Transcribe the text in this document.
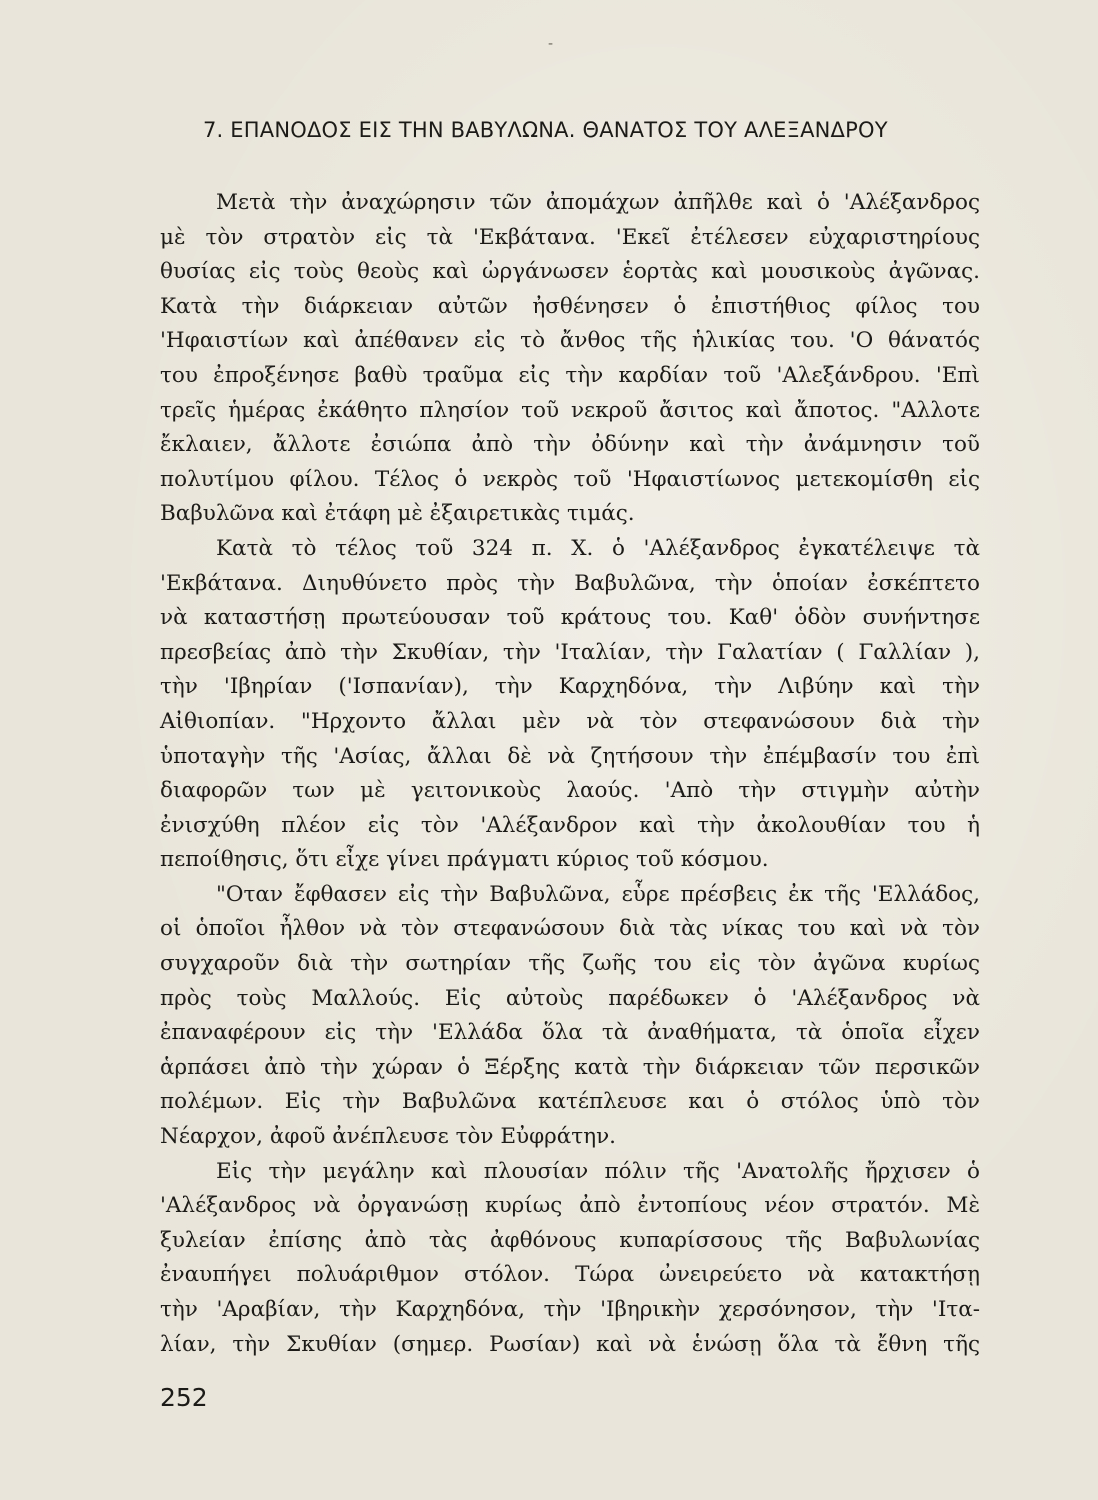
-
7. ΕΠΑΝΟΔΟΣ ΕΙΣ ΤΗΝ ΒΑΒΥΛΩΝΑ. ΘΑΝΑΤΟΣ ΤΟΥ ΑΛΕΞΑΝΔΡΟΥ
Μετὰ τὴν ἀναχώρησιν τῶν ἀπομάχων ἀπῆλθε καὶ ὁ 'Αλέξανδρος
μὲ τὸν στρατὸν εἰς τὰ 'Εκβάτανα. 'Εκεῖ ἐτέλεσεν εὐχαριστηρίους
θυσίας εἰς τοὺς θεοὺς καὶ ὠργάνωσεν ἑορτὰς καὶ μουσικοὺς ἀγῶνας.
Κατὰ τὴν διάρκειαν αὐτῶν ἠσθένησεν ὁ ἐπιστήθιος φίλος του
'Ηφαιστίων καὶ ἀπέθανεν εἰς τὸ ἄνθος τῆς ἡλικίας του. 'Ο θάνατός
του ἐπροξένησε βαθὺ τραῦμα εἰς τὴν καρδίαν τοῦ 'Αλεξάνδρου. 'Επὶ
τρεῖς ἡμέρας ἐκάθητο πλησίον τοῦ νεκροῦ ἄσιτος καὶ ἄποτος. "Αλλοτε
ἔκλαιεν, ἄλλοτε ἐσιώπα ἀπὸ τὴν ὀδύνην καὶ τὴν ἀνάμνησιν τοῦ
πολυτίμου φίλου. Τέλος ὁ νεκρὸς τοῦ 'Ηφαιστίωνος μετεκομίσθη εἰς
Βαβυλῶνα καὶ ἐτάφη μὲ ἐξαιρετικὰς τιμάς.
Κατὰ τὸ τέλος τοῦ 324 π. Χ. ὁ 'Αλέξανδρος ἐγκατέλειψε τὰ
'Εκβάτανα. Διηυθύνετο πρὸς τὴν Βαβυλῶνα, τὴν ὁποίαν ἐσκέπτετο
νὰ καταστήσῃ πρωτεύουσαν τοῦ κράτους του. Καθ' ὁδὸν συνήντησε
πρεσβείας ἀπὸ τὴν Σκυθίαν, τὴν 'Ιταλίαν, τὴν Γαλατίαν ( Γαλλίαν ),
τὴν 'Ιβηρίαν ('Ισπανίαν), τὴν Καρχηδόνα, τὴν Λιβύην καὶ τὴν
Αἰθιοπίαν. "Ηρχοντο ἄλλαι μὲν νὰ τὸν στεφανώσουν διὰ τὴν
ὑποταγὴν τῆς 'Ασίας, ἄλλαι δὲ νὰ ζητήσουν τὴν ἐπέμβασίν του ἐπὶ
διαφορῶν των μὲ γειτονικοὺς λαούς. 'Απὸ τὴν στιγμὴν αὐτὴν
ἐνισχύθη πλέον εἰς τὸν 'Αλέξανδρον καὶ τὴν ἀκολουθίαν του ἡ
πεποίθησις, ὅτι εἶχε γίνει πράγματι κύριος τοῦ κόσμου.
"Οταν ἔφθασεν εἰς τὴν Βαβυλῶνα, εὗρε πρέσβεις ἐκ τῆς 'Ελλάδος,
οἱ ὁποῖοι ἦλθον νὰ τὸν στεφανώσουν διὰ τὰς νίκας του καὶ νὰ τὸν
συγχαροῦν διὰ τὴν σωτηρίαν τῆς ζωῆς του εἰς τὸν ἀγῶνα κυρίως
πρὸς τοὺς Μαλλούς. Εἰς αὐτοὺς παρέδωκεν ὁ 'Αλέξανδρος νὰ
ἐπαναφέρουν εἰς τὴν 'Ελλάδα ὅλα τὰ ἀναθήματα, τὰ ὁποῖα εἶχεν
ἁρπάσει ἀπὸ τὴν χώραν ὁ Ξέρξης κατὰ τὴν διάρκειαν τῶν περσικῶν
πολέμων. Εἰς τὴν Βαβυλῶνα κατέπλευσε και ὁ στόλος ὑπὸ τὸν
Νέαρχον, ἀφοῦ ἀνέπλευσε τὸν Εὐφράτην.
Εἰς τὴν μεγάλην καὶ πλουσίαν πόλιν τῆς 'Ανατολῆς ἤρχισεν ὁ
'Αλέξανδρος νὰ ὀργανώσῃ κυρίως ἀπὸ ἐντοπίους νέον στρατόν. Μὲ
ξυλείαν ἐπίσης ἀπὸ τὰς ἀφθόνους κυπαρίσσους τῆς Βαβυλωνίας
ἐναυπήγει πολυάριθμον στόλον. Τώρα ὠνειρεύετο νὰ κατακτήσῃ
τὴν 'Αραβίαν, τὴν Καρχηδόνα, τὴν 'Ιβηρικὴν χερσόνησον, τὴν 'Ιτα-
λίαν, τὴν Σκυθίαν (σημερ. Ρωσίαν) καὶ νὰ ἑνώσῃ ὅλα τὰ ἔθνη τῆς
252
